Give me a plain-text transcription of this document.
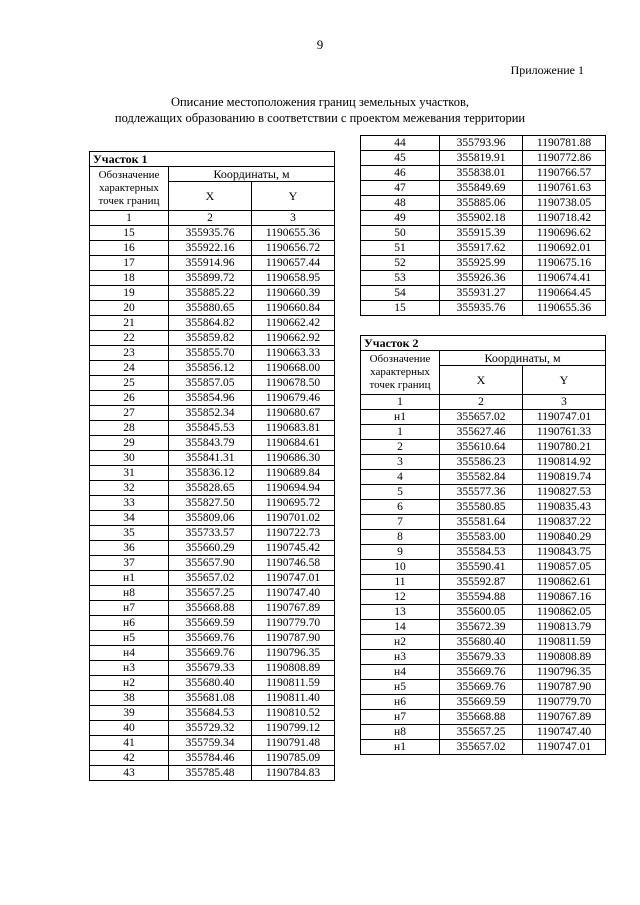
9
Приложение 1
Описание местоположения границ земельных участков,
подлежащих образованию в соответствии с проектом межевания территории
Участок 1		
Обозначение характерных точек границ	Координаты, м	
	X	Y
1	2	3
15	355935.76	1190655.36
16	355922.16	1190656.72
17	355914.96	1190657.44
18	355899.72	1190658.95
19	355885.22	1190660.39
20	355880.65	1190660.84
21	355864.82	1190662.42
22	355859.82	1190662.92
23	355855.70	1190663.33
24	355856.12	1190668.00
25	355857.05	1190678.50
26	355854.96	1190679.46
27	355852.34	1190680.67
28	355845.53	1190683.81
29	355843.79	1190684.61
30	355841.31	1190686.30
31	355836.12	1190689.84
32	355828.65	1190694.94
33	355827.50	1190695.72
34	355809.06	1190701.02
35	355733.57	1190722.73
36	355660.29	1190745.42
37	355657.90	1190746.58
н1	355657.02	1190747.01
н8	355657.25	1190747.40
н7	355668.88	1190767.89
н6	355669.59	1190779.70
н5	355669.76	1190787.90
н4	355669.76	1190796.35
н3	355679.33	1190808.89
н2	355680.40	1190811.59
38	355681.08	1190811.40
39	355684.53	1190810.52
40	355729.32	1190799.12
41	355759.34	1190791.48
42	355784.46	1190785.09
43	355785.48	1190784.83
44	355793.96	1190781.88
45	355819.91	1190772.86
46	355838.01	1190766.57
47	355849.69	1190761.63
48	355885.06	1190738.05
49	355902.18	1190718.42
50	355915.39	1190696.62
51	355917.62	1190692.01
52	355925.99	1190675.16
53	355926.36	1190674.41
54	355931.27	1190664.45
15	355935.76	1190655.36
Участок 2		
Обозначение характерных точек границ	Координаты, м	
	X	Y
1	2	3
н1	355657.02	1190747.01
1	355627.46	1190761.33
2	355610.64	1190780.21
3	355586.23	1190814.92
4	355582.84	1190819.74
5	355577.36	1190827.53
6	355580.85	1190835.43
7	355581.64	1190837.22
8	355583.00	1190840.29
9	355584.53	1190843.75
10	355590.41	1190857.05
11	355592.87	1190862.61
12	355594.88	1190867.16
13	355600.05	1190862.05
14	355672.39	1190813.79
н2	355680.40	1190811.59
н3	355679.33	1190808.89
н4	355669.76	1190796.35
н5	355669.76	1190787.90
н6	355669.59	1190779.70
н7	355668.88	1190767.89
н8	355657.25	1190747.40
н1	355657.02	1190747.01
